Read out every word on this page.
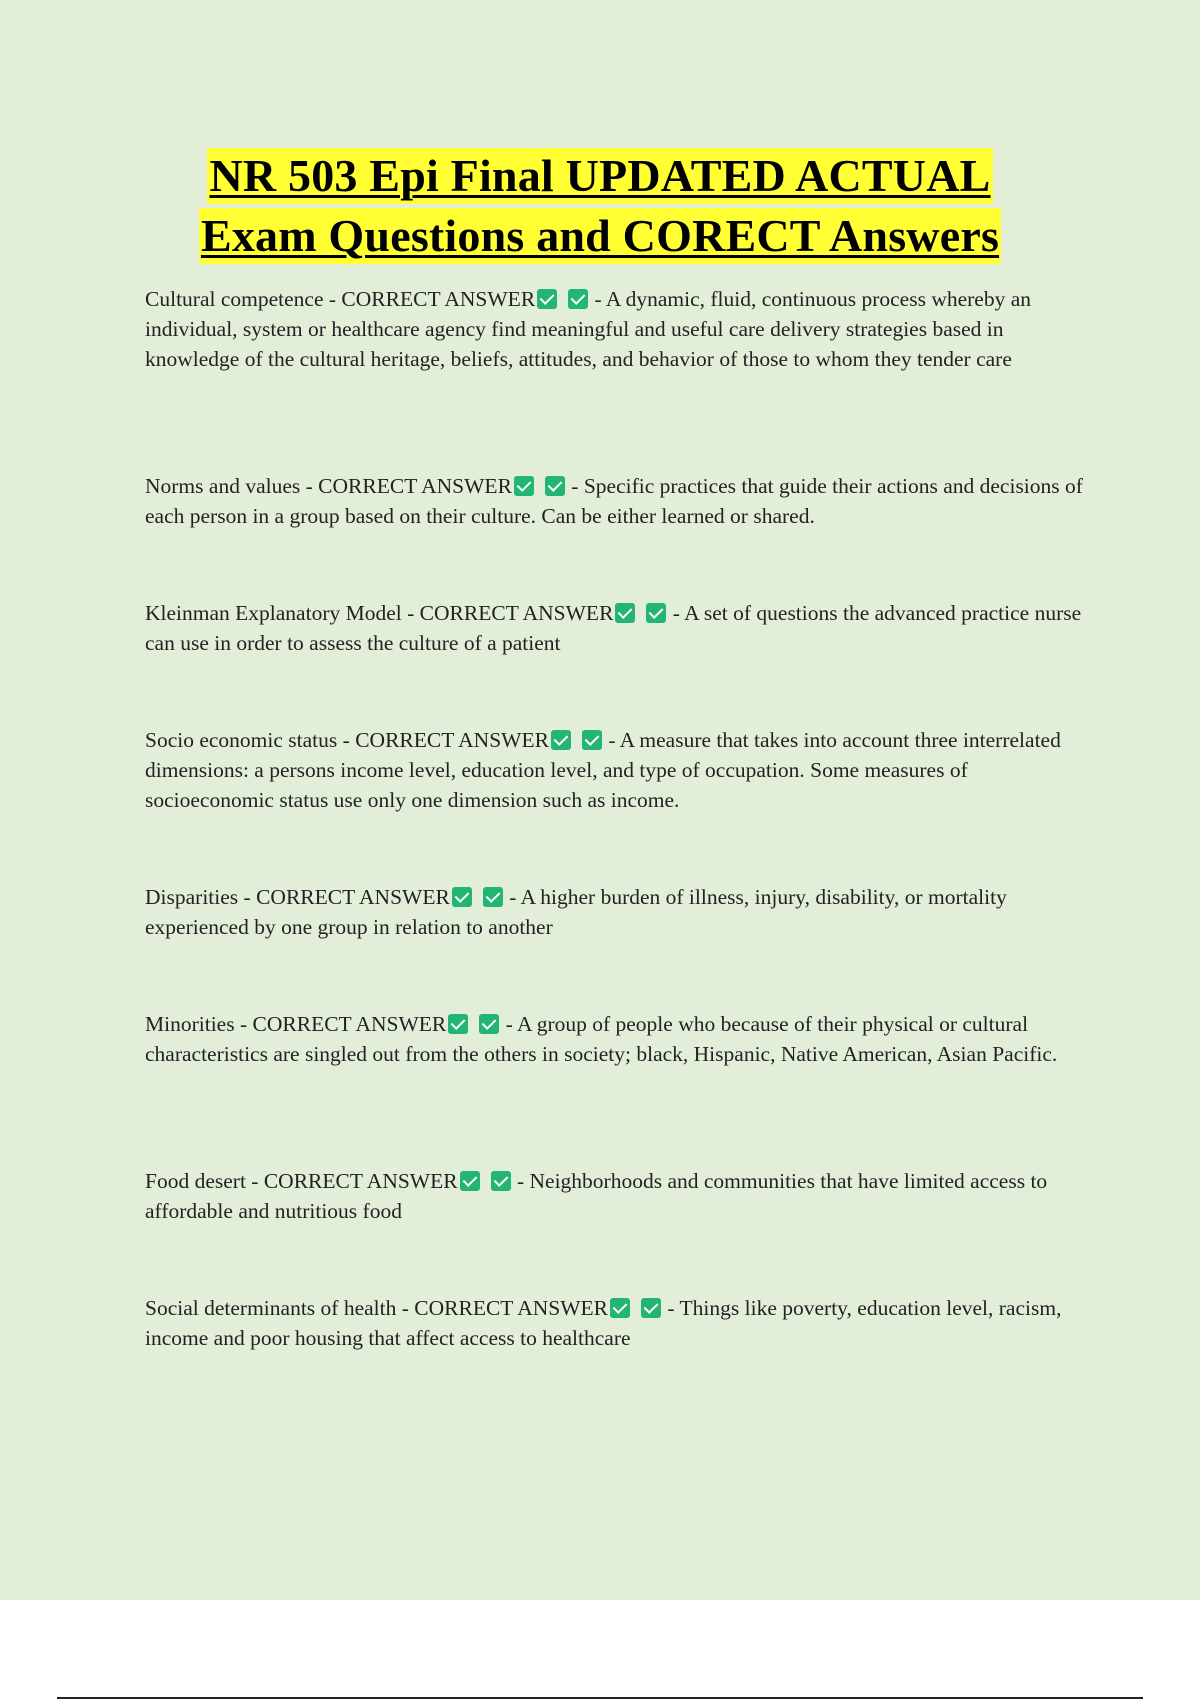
NR 503 Epi Final UPDATED ACTUAL
Exam Questions and CORECT Answers
Cultural competence - CORRECT ANSWER	- A dynamic, fluid, continuous process whereby an individual, system or healthcare agency find meaningful and useful care delivery strategies based in knowledge of the cultural heritage, beliefs, attitudes, and behavior of those to whom they tender care
Norms and values - CORRECT ANSWER	- Specific practices that guide their actions and decisions of each person in a group based on their culture. Can be either learned or shared.
Kleinman Explanatory Model - CORRECT ANSWER	- A set of questions the advanced practice nurse can use in order to assess the culture of a patient
Socio economic status - CORRECT ANSWER	- A measure that takes into account three interrelated dimensions: a persons income level, education level, and type of occupation. Some measures of socioeconomic status use only one dimension such as income.
Disparities - CORRECT ANSWER	- A higher burden of illness, injury, disability, or mortality experienced by one group in relation to another
Minorities - CORRECT ANSWER	- A group of people who because of their physical or cultural characteristics are singled out from the others in society; black, Hispanic, Native American, Asian Pacific.
Food desert - CORRECT ANSWER	- Neighborhoods and communities that have limited access to affordable and nutritious food
Social determinants of health - CORRECT ANSWER	- Things like poverty, education level, racism, income and poor housing that affect access to healthcare
